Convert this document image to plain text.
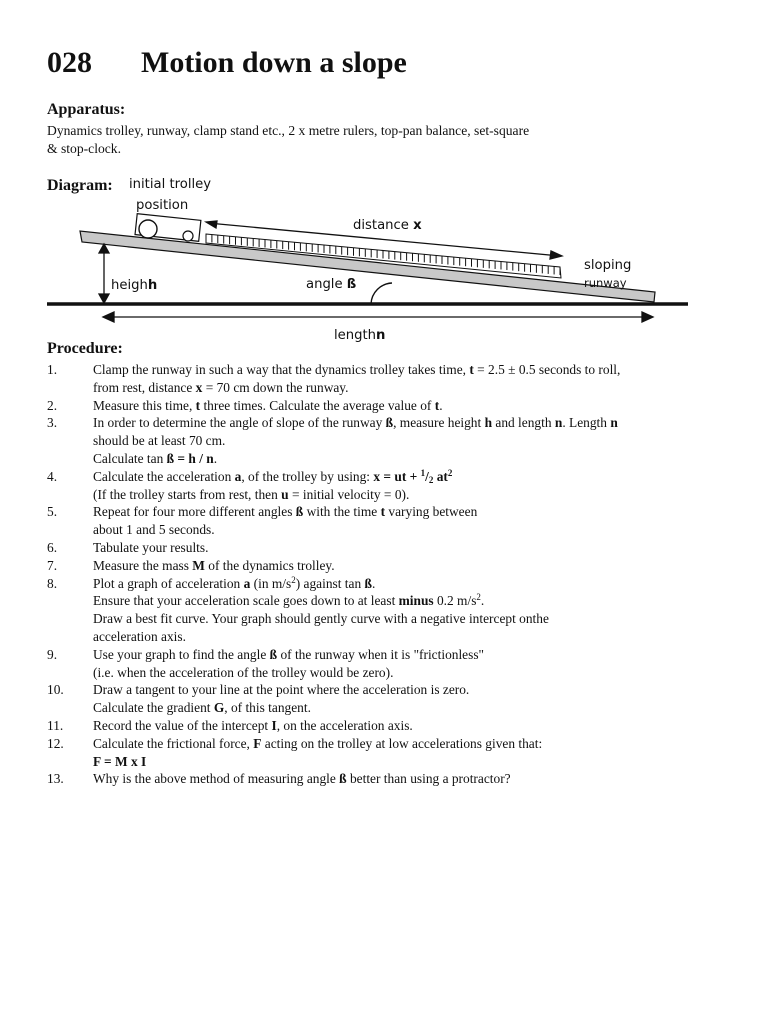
028 Motion down a slope
Apparatus:
Dynamics trolley, runway, clamp stand etc., 2 x metre rulers, top-pan balance, set-square
& stop-clock.
Diagram: initial trolley
position
distance x
sloping
runway
heighh	angle ß
lengthn
Procedure:
1.	Clamp the runway in such a way that the dynamics trolley takes time, t = 2.5 ± 0.5 seconds to roll,
from rest, distance x = 70 cm down the runway.
2.	Measure this time, t three times. Calculate the average value of t.
3.	In order to determine the angle of slope of the runway ß, measure height h and length n. Length n
should be at least 70 cm.
Calculate tan ß = h / n.
4.	Calculate the acceleration a, of the trolley by using: x = ut + $^1/_2$ $at^2$
(If the trolley starts from rest, then u = initial velocity = 0).
5.	Repeat for four more different angles ß with the time t varying between
about 1 and 5 seconds.
6.	Tabulate your results.
7.	Measure the mass M of the dynamics trolley.
8.	Plot a graph of acceleration a (in $m/s^2$) against tan ß.
Ensure that your acceleration scale goes down to at least minus 0.2 $m/s^2$.
Draw a best fit curve. Your graph should gently curve with a negative intercept onthe
acceleration axis.
9.	Use your graph to find the angle ß of the runway when it is "frictionless"
(i.e. when the acceleration of the trolley would be zero).
10.	Draw a tangent to your line at the point where the acceleration is zero.
Calculate the gradient G, of this tangent.
11.	Record the value of the intercept I, on the acceleration axis.
12.	Calculate the frictional force, F acting on the trolley at low accelerations given that:
F = M x I
13.	Why is the above method of measuring angle ß better than using a protractor?
